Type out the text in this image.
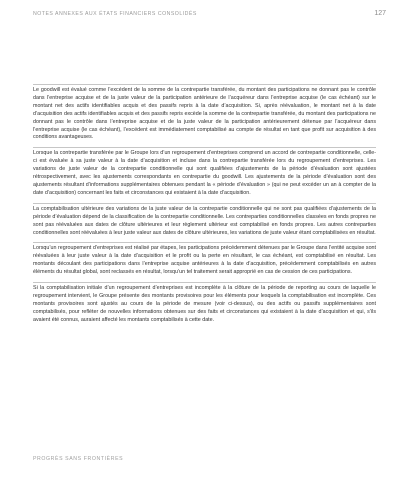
NOTES ANNEXES AUX ÉTATS FINANCIERS CONSOLIDÉS	127

Le goodwill est évalué comme l’excédent de la somme de la contrepartie transférée, du montant des participations ne donnant pas le contrôle dans l’entreprise acquise et de la juste valeur de la participation antérieure de l’acquéreur dans l’entreprise acquise (le cas échéant) sur le montant net des actifs identifiables acquis et des passifs repris à la date d’acquisition. Si, après réévaluation, le montant net à la date d’acquisition des actifs identifiables acquis et des passifs repris excède la somme de la contrepartie transférée, du montant des participations ne donnant pas le contrôle dans l’entreprise acquise et de la juste valeur de la participation antérieurement détenue par l’acquéreur dans l’entreprise acquise (le cas échéant), l’excédent est immédiatement comptabilisé au compte de résultat en tant que profit sur acquisition à des conditions avantageuses.

Lorsque la contrepartie transférée par le Groupe lors d’un regroupement d’entreprises comprend un accord de contrepartie conditionnelle, celle-ci est évaluée à sa juste valeur à la date d’acquisition et incluse dans la contrepartie transférée lors du regroupement d’entreprises. Les variations de juste valeur de la contrepartie conditionnelle qui sont qualifiées d’ajustements de la période d’évaluation sont ajustées rétrospectivement, avec les ajustements correspondants en contrepartie du goodwill. Les ajustements de la période d’évaluation sont des ajustements résultant d’informations supplémentaires obtenues pendant la « période d’évaluation » (qui ne peut excéder un an à compter de la date d’acquisition) concernant les faits et circonstances qui existaient à la date d’acquisition.

La comptabilisation ultérieure des variations de la juste valeur de la contrepartie conditionnelle qui ne sont pas qualifiées d’ajustements de la période d’évaluation dépend de la classification de la contrepartie conditionnelle. Les contreparties conditionnelles classées en fonds propres ne sont pas réévaluées aux dates de clôture ultérieures et leur règlement ultérieur est comptabilisé en fonds propres. Les autres contreparties conditionnelles sont réévaluées à leur juste valeur aux dates de clôture ultérieures, les variations de juste valeur étant comptabilisées en résultat.

Lorsqu’un regroupement d’entreprises est réalisé par étapes, les participations précédemment détenues par le Groupe dans l’entité acquise sont réévaluées à leur juste valeur à la date d’acquisition et le profit ou la perte en résultant, le cas échéant, est comptabilisé en résultat. Les montants découlant des participations dans l’entreprise acquise antérieures à la date d’acquisition, précédemment comptabilisés en autres éléments du résultat global, sont reclassés en résultat, lorsqu’un tel traitement serait approprié en cas de cession de ces participations.

Si la comptabilisation initiale d’un regroupement d’entreprises est incomplète à la clôture de la période de reporting au cours de laquelle le regroupement intervient, le Groupe présente des montants provisoires pour les éléments pour lesquels la comptabilisation est incomplète. Ces montants provisoires sont ajustés au cours de la période de mesure (voir ci-dessus), ou des actifs ou passifs supplémentaires sont comptabilisés, pour refléter de nouvelles informations obtenues sur des faits et circonstances qui existaient à la date d’acquisition et qui, s’ils avaient été connus, auraient affecté les montants comptabilisés à cette date.

PROGRÈS SANS FRONTIÈRES
